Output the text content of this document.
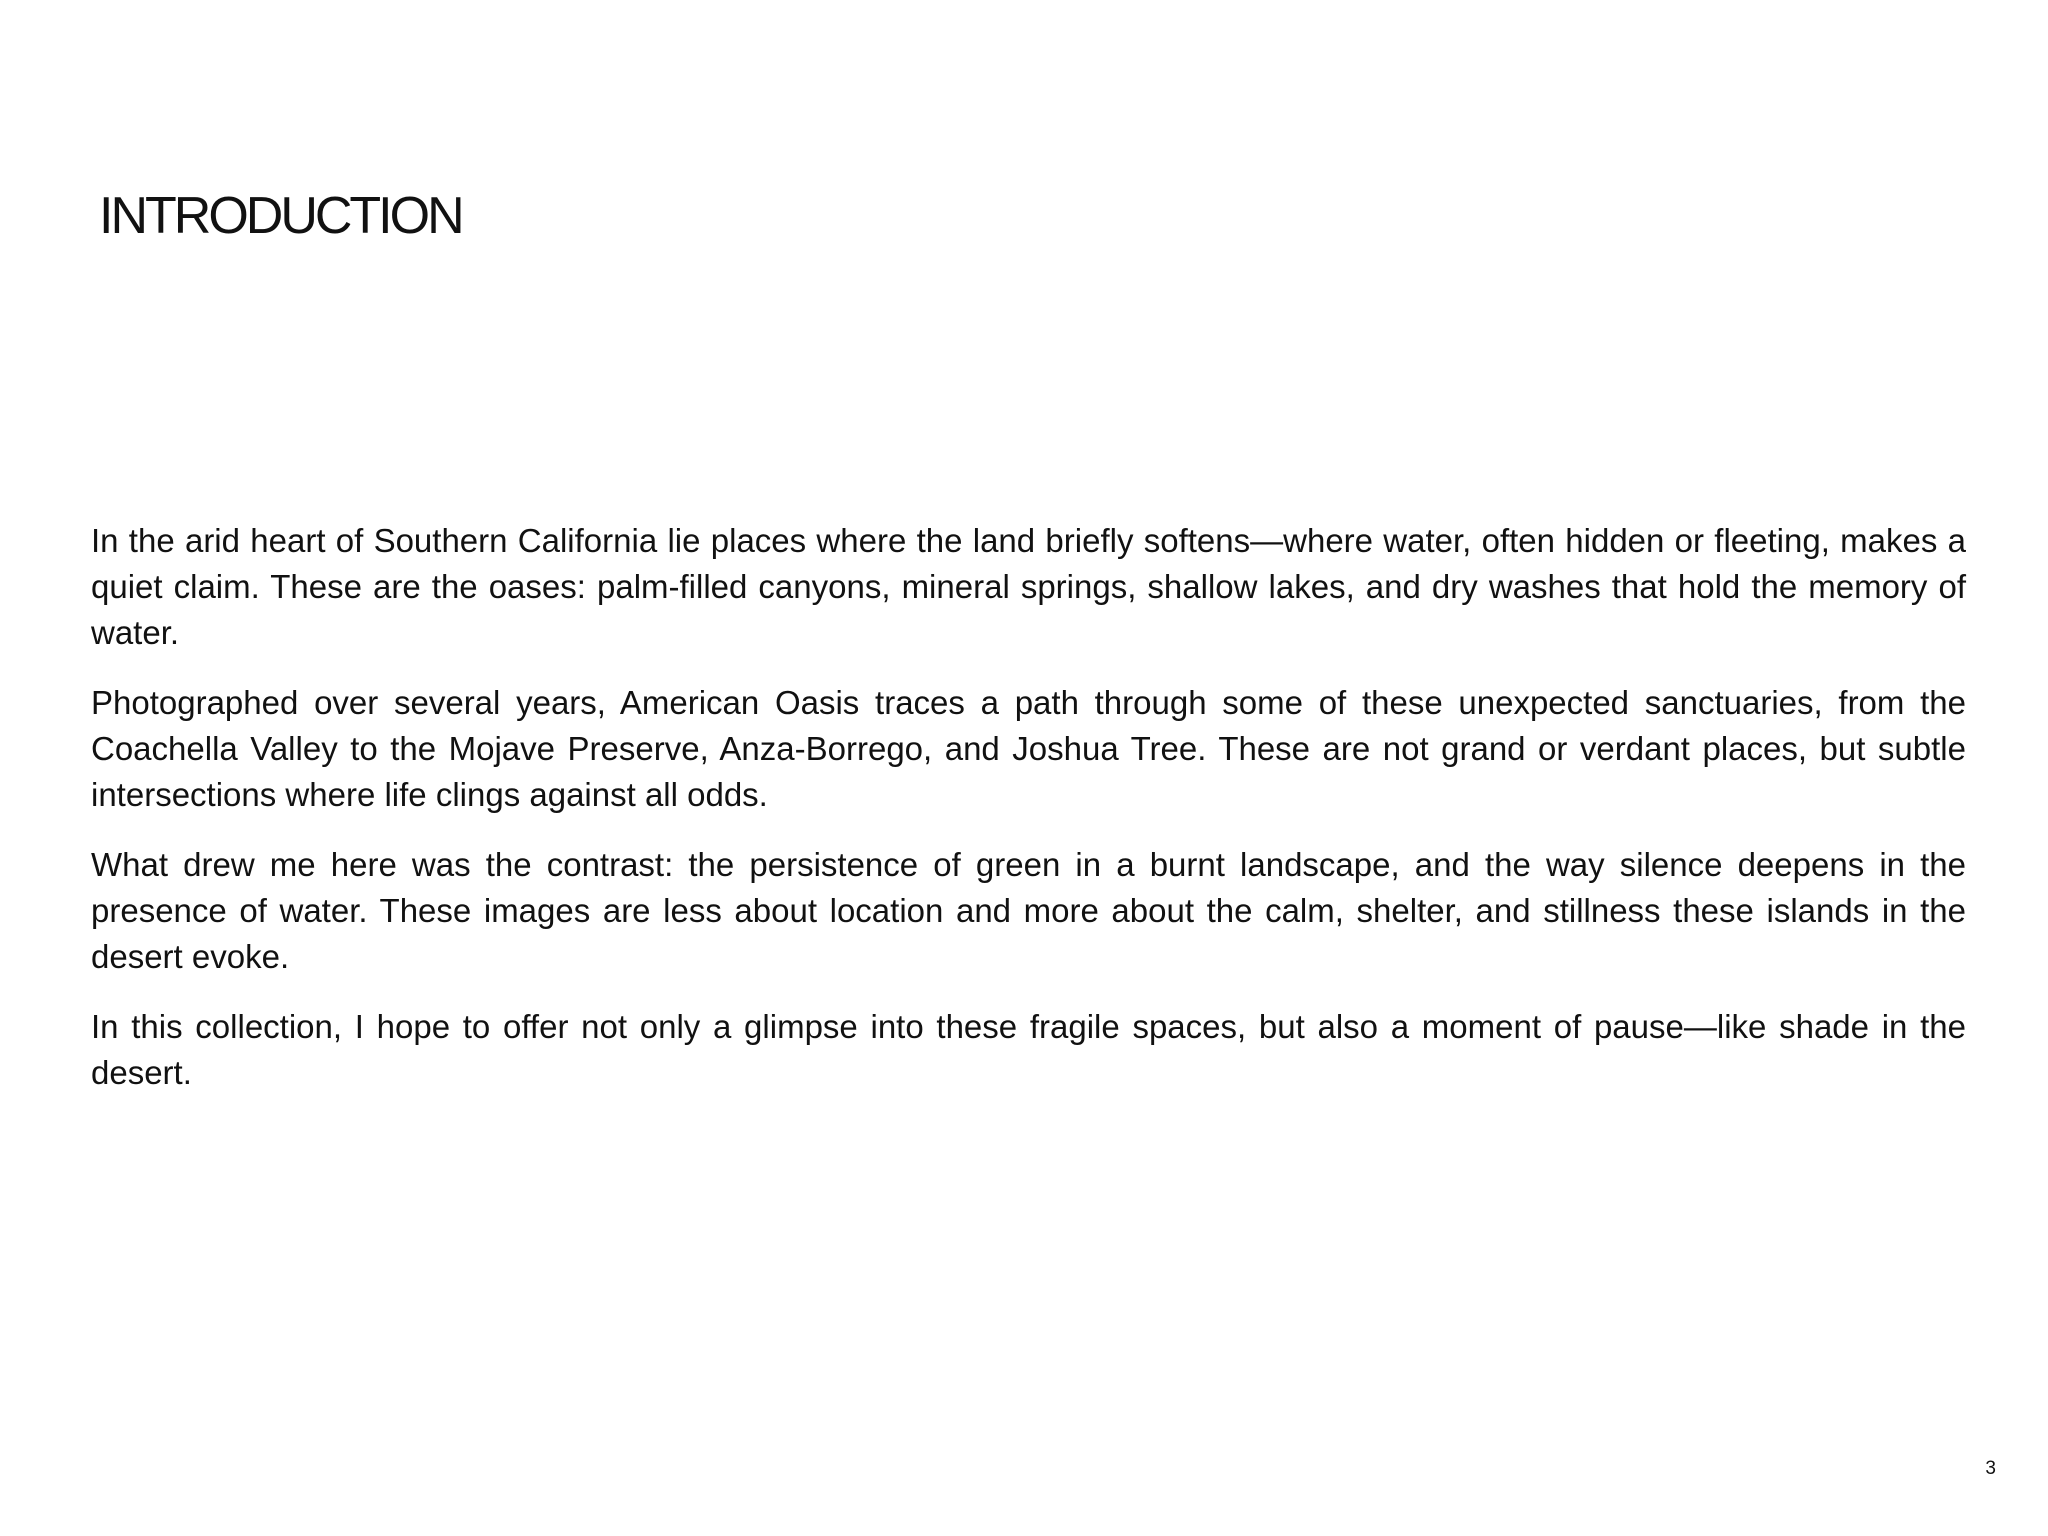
INTRODUCTION

In the arid heart of Southern California lie places where the land briefly softens—where water, often hidden or fleeting, makes a quiet claim. These are the oases: palm-filled canyons, mineral springs, shallow lakes, and dry washes that hold the memory of water.

Photographed over several years, American Oasis traces a path through some of these unexpected sanctuaries, from the Coachella Valley to the Mojave Preserve, Anza-Borrego, and Joshua Tree. These are not grand or verdant places, but subtle intersections where life clings against all odds.

What drew me here was the contrast: the persistence of green in a burnt landscape, and the way silence deepens in the presence of water. These images are less about location and more about the calm, shelter, and stillness these islands in the desert evoke.

In this collection, I hope to offer not only a glimpse into these fragile spaces, but also a moment of pause—like shade in the desert.

3
